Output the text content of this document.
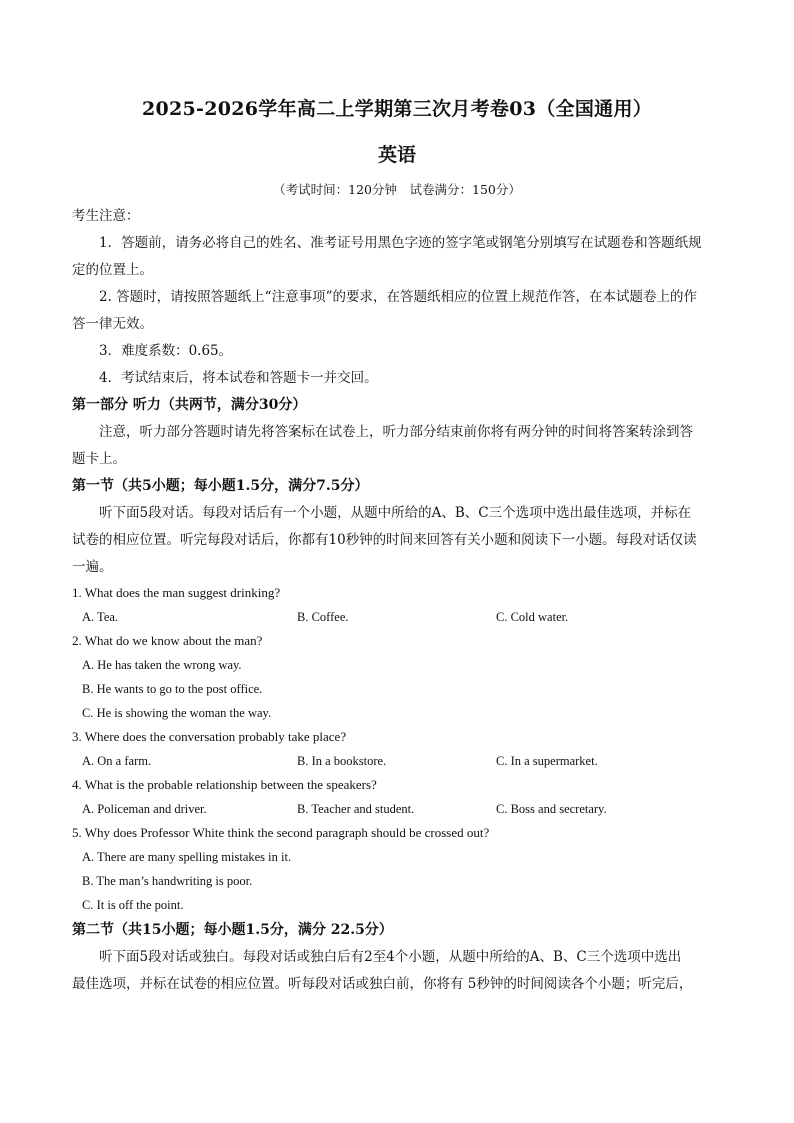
2025-2026学年高二上学期第三次月考卷03（全国通用）
英语
（考试时间：120分钟　试卷满分：150分）

考生注意：

1．答题前，请务必将自己的姓名、准考证号用黑色字迹的签字笔或钢笔分别填写在试题卷和答题纸规

定的位置上。

2. 答题时，请按照答题纸上“注意事项”的要求，在答题纸相应的位置上规范作答，在本试题卷上的作

答一律无效。

3．难度系数：0.65。

4．考试结束后，将本试卷和答题卡一并交回。

第一部分 听力（共两节，满分30分）

注意，听力部分答题时请先将答案标在试卷上，听力部分结束前你将有两分钟的时间将答案转涂到答

题卡上。

第一节（共5小题；每小题1.5分，满分7.5分）

听下面5段对话。每段对话后有一个小题，从题中所给的A、B、C三个选项中选出最佳选项，并标在

试卷的相应位置。听完每段对话后，你都有10秒钟的时间来回答有关小题和阅读下一小题。每段对话仅读

一遍。

1. What does the man suggest drinking?
A. Tea.	B. Coffee.	C. Cold water.
2. What do we know about the man?
A. He has taken the wrong way.
B. He wants to go to the post office.
C. He is showing the woman the way.
3. Where does the conversation probably take place?
A. On a farm.	B. In a bookstore.	C. In a supermarket.
4. What is the probable relationship between the speakers?
A. Policeman and driver.	B. Teacher and student.	C. Boss and secretary.
5. Why does Professor White think the second paragraph should be crossed out?
A. There are many spelling mistakes in it.
B. The man’s handwriting is poor.
C. It is off the point.

第二节（共15小题；每小题1.5分，满分 22.5分）

听下面5段对话或独白。每段对话或独白后有2至4个小题，从题中所给的A、B、C三个选项中选出

最佳选项，并标在试卷的相应位置。听每段对话或独白前，你将有 5秒钟的时间阅读各个小题；听完后，
